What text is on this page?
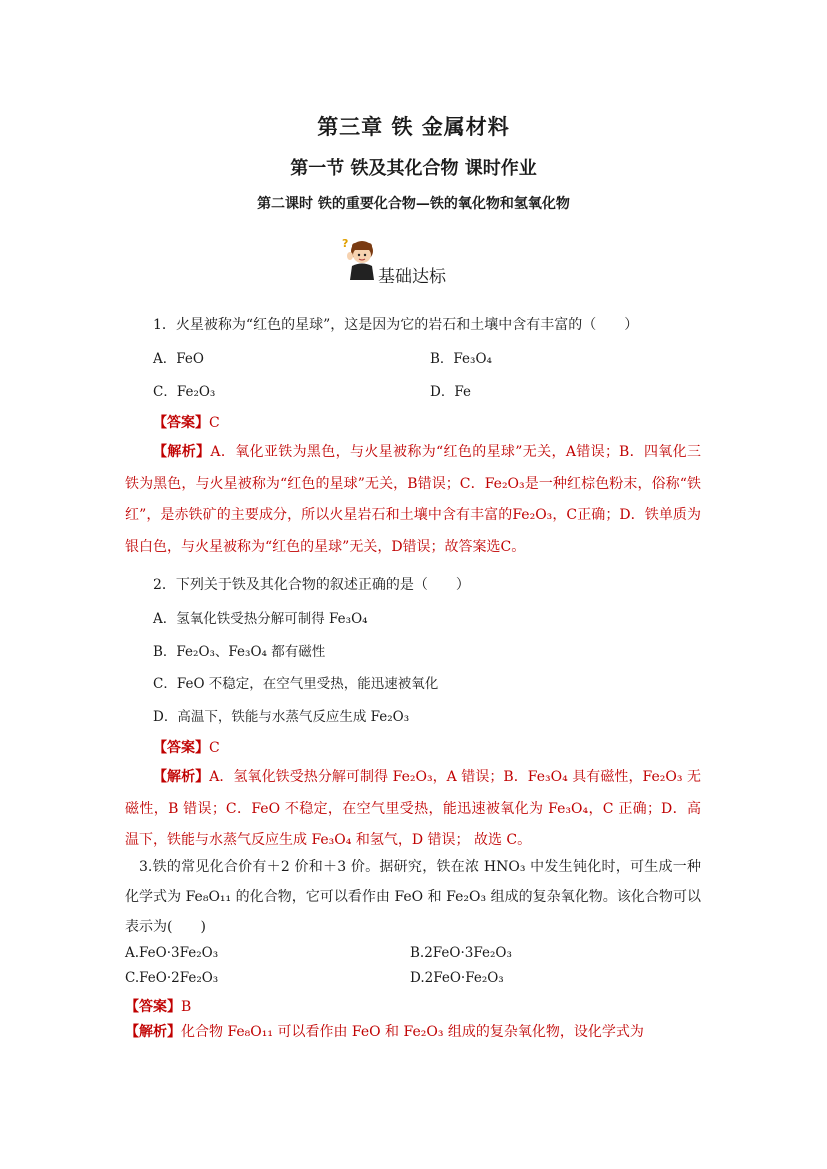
第三章 铁 金属材料
第一节 铁及其化合物 课时作业
第二课时 铁的重要化合物—铁的氧化物和氢氧化物
?
基础达标
1．火星被称为“红色的星球”，这是因为它的岩石和土壤中含有丰富的（　　）
A．FeO	B．Fe₃O₄
C．Fe₂O₃	D．Fe
【答案】C
【解析】A．氧化亚铁为黑色，与火星被称为“红色的星球”无关，A错误；B．四氧化三铁为黑色，与火星被称为“红色的星球”无关，B错误；C．Fe₂O₃是一种红棕色粉末，俗称“铁红”，是赤铁矿的主要成分，所以火星岩石和土壤中含有丰富的Fe₂O₃，C正确；D．铁单质为银白色，与火星被称为“红色的星球”无关，D错误；故答案选C。
2．下列关于铁及其化合物的叙述正确的是（　　）
A．氢氧化铁受热分解可制得 Fe₃O₄
B．Fe₂O₃、Fe₃O₄ 都有磁性
C．FeO 不稳定，在空气里受热，能迅速被氧化
D．高温下，铁能与水蒸气反应生成 Fe₂O₃
【答案】C
【解析】A．氢氧化铁受热分解可制得 Fe₂O₃，A 错误；B．Fe₃O₄ 具有磁性，Fe₂O₃ 无磁性，B 错误；C．FeO 不稳定，在空气里受热，能迅速被氧化为 Fe₃O₄，C 正确；D．高温下，铁能与水蒸气反应生成 Fe₃O₄ 和氢气，D 错误； 故选 C。
3.铁的常见化合价有＋2 价和＋3 价。据研究，铁在浓 HNO₃ 中发生钝化时，可生成一种化学式为 Fe₈O₁₁ 的化合物，它可以看作由 FeO 和 Fe₂O₃ 组成的复杂氧化物。该化合物可以表示为(　　)
A.FeO·3Fe₂O₃	B.2FeO·3Fe₂O₃
C.FeO·2Fe₂O₃	D.2FeO·Fe₂O₃
【答案】B
【解析】化合物 Fe₈O₁₁ 可以看作由 FeO 和 Fe₂O₃ 组成的复杂氧化物，设化学式为
